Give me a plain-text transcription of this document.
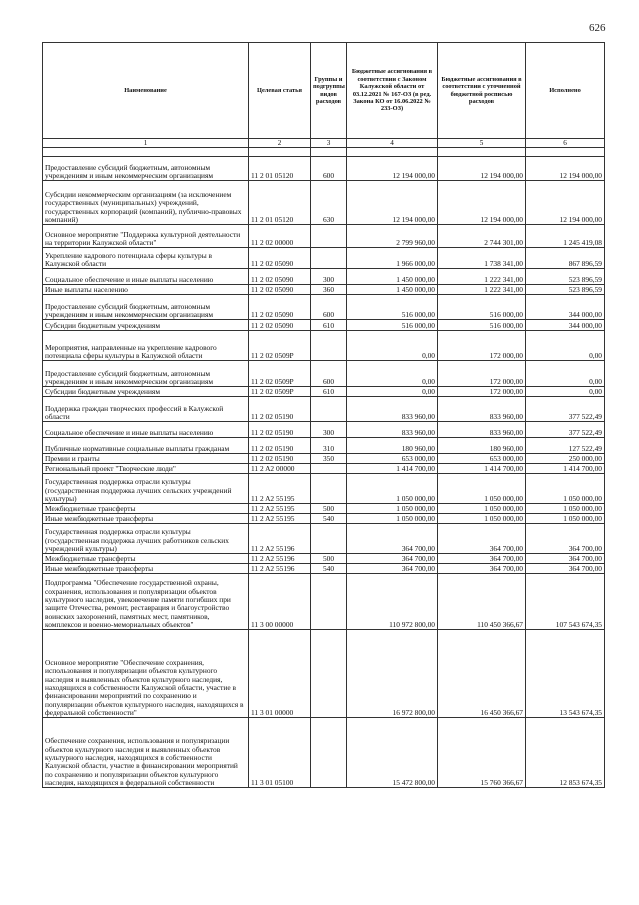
626
Наименование	Целевая статья	Группы и подгруппы видов расходов	Бюджетные ассигнования в соответствии с Законом Калужской области от 03.12.2021 № 167-ОЗ (в ред. Закона КО от 16.06.2022 № 233-ОЗ)	Бюджетные ассигнования в соответствии с уточненной бюджетной росписью расходов	Исполнено
1	2	3	4	5	6

Предоставление субсидий бюджетным, автономным учреждениям и иным некоммерческим организациям	11 2 01 05120	600	12 194 000,00	12 194 000,00	12 194 000,00
Субсидии некоммерческим организациям (за исключением государственных (муниципальных) учреждений, государственных корпораций (компаний), публично-правовых компаний)	11 2 01 05120	630	12 194 000,00	12 194 000,00	12 194 000,00
Основное мероприятие "Поддержка культурной деятельности на территории Калужской области"	11 2 02 00000		2 799 960,00	2 744 301,00	1 245 419,08
Укрепление кадрового потенциала сферы культуры в Калужской области	11 2 02 05090		1 966 000,00	1 738 341,00	867 896,59
Социальное обеспечение и иные выплаты населению	11 2 02 05090	300	1 450 000,00	1 222 341,00	523 896,59
Иные выплаты населению	11 2 02 05090	360	1 450 000,00	1 222 341,00	523 896,59
Предоставление субсидий бюджетным, автономным учреждениям и иным некоммерческим организациям	11 2 02 05090	600	516 000,00	516 000,00	344 000,00
Субсидии бюджетным учреждениям	11 2 02 05090	610	516 000,00	516 000,00	344 000,00
Мероприятия, направленные на укрепление кадрового потенциала сферы культуры в Калужской области	11 2 02 0509Р		0,00	172 000,00	0,00
Предоставление субсидий бюджетным, автономным учреждениям и иным некоммерческим организациям	11 2 02 0509Р	600	0,00	172 000,00	0,00
Субсидии бюджетным учреждениям	11 2 02 0509Р	610	0,00	172 000,00	0,00
Поддержка граждан творческих профессий в Калужской области	11 2 02 05190		833 960,00	833 960,00	377 522,49
Социальное обеспечение и иные выплаты населению	11 2 02 05190	300	833 960,00	833 960,00	377 522,49
Публичные нормативные социальные выплаты гражданам	11 2 02 05190	310	180 960,00	180 960,00	127 522,49
Премии и гранты	11 2 02 05190	350	653 000,00	653 000,00	250 000,00
Региональный проект "Творческие люди"	11 2 A2 00000		1 414 700,00	1 414 700,00	1 414 700,00
Государственная поддержка отрасли культуры (государственная поддержка лучших сельских учреждений культуры)	11 2 A2 55195		1 050 000,00	1 050 000,00	1 050 000,00
Межбюджетные трансферты	11 2 A2 55195	500	1 050 000,00	1 050 000,00	1 050 000,00
Иные межбюджетные трансферты	11 2 A2 55195	540	1 050 000,00	1 050 000,00	1 050 000,00
Государственная поддержка отрасли культуры (государственная поддержка лучших работников сельских учреждений культуры)	11 2 A2 55196		364 700,00	364 700,00	364 700,00
Межбюджетные трансферты	11 2 A2 55196	500	364 700,00	364 700,00	364 700,00
Иные межбюджетные трансферты	11 2 A2 55196	540	364 700,00	364 700,00	364 700,00
Подпрограмма "Обеспечение государственной охраны, сохранения, использования и популяризации объектов культурного наследия, увековечение памяти погибших при защите Отечества, ремонт, реставрация и благоустройство воинских захоронений, памятных мест, памятников, комплексов и военно-мемориальных объектов"	11 3 00 00000		110 972 800,00	110 450 366,67	107 543 674,35
Основное мероприятие "Обеспечение сохранения, использования и популяризации объектов культурного наследия и выявленных объектов культурного наследия, находящихся в собственности Калужской области, участие в финансировании мероприятий по сохранению и популяризации объектов культурного наследия, находящихся в федеральной собственности"	11 3 01 00000		16 972 800,00	16 450 366,67	13 543 674,35
Обеспечение сохранения, использования и популяризации объектов культурного наследия и выявленных объектов культурного наследия, находящихся в собственности Калужской области, участие в финансировании мероприятий по сохранению и популяризации объектов культурного наследия, находящихся в федеральной собственности	11 3 01 05100		15 472 800,00	15 760 366,67	12 853 674,35
